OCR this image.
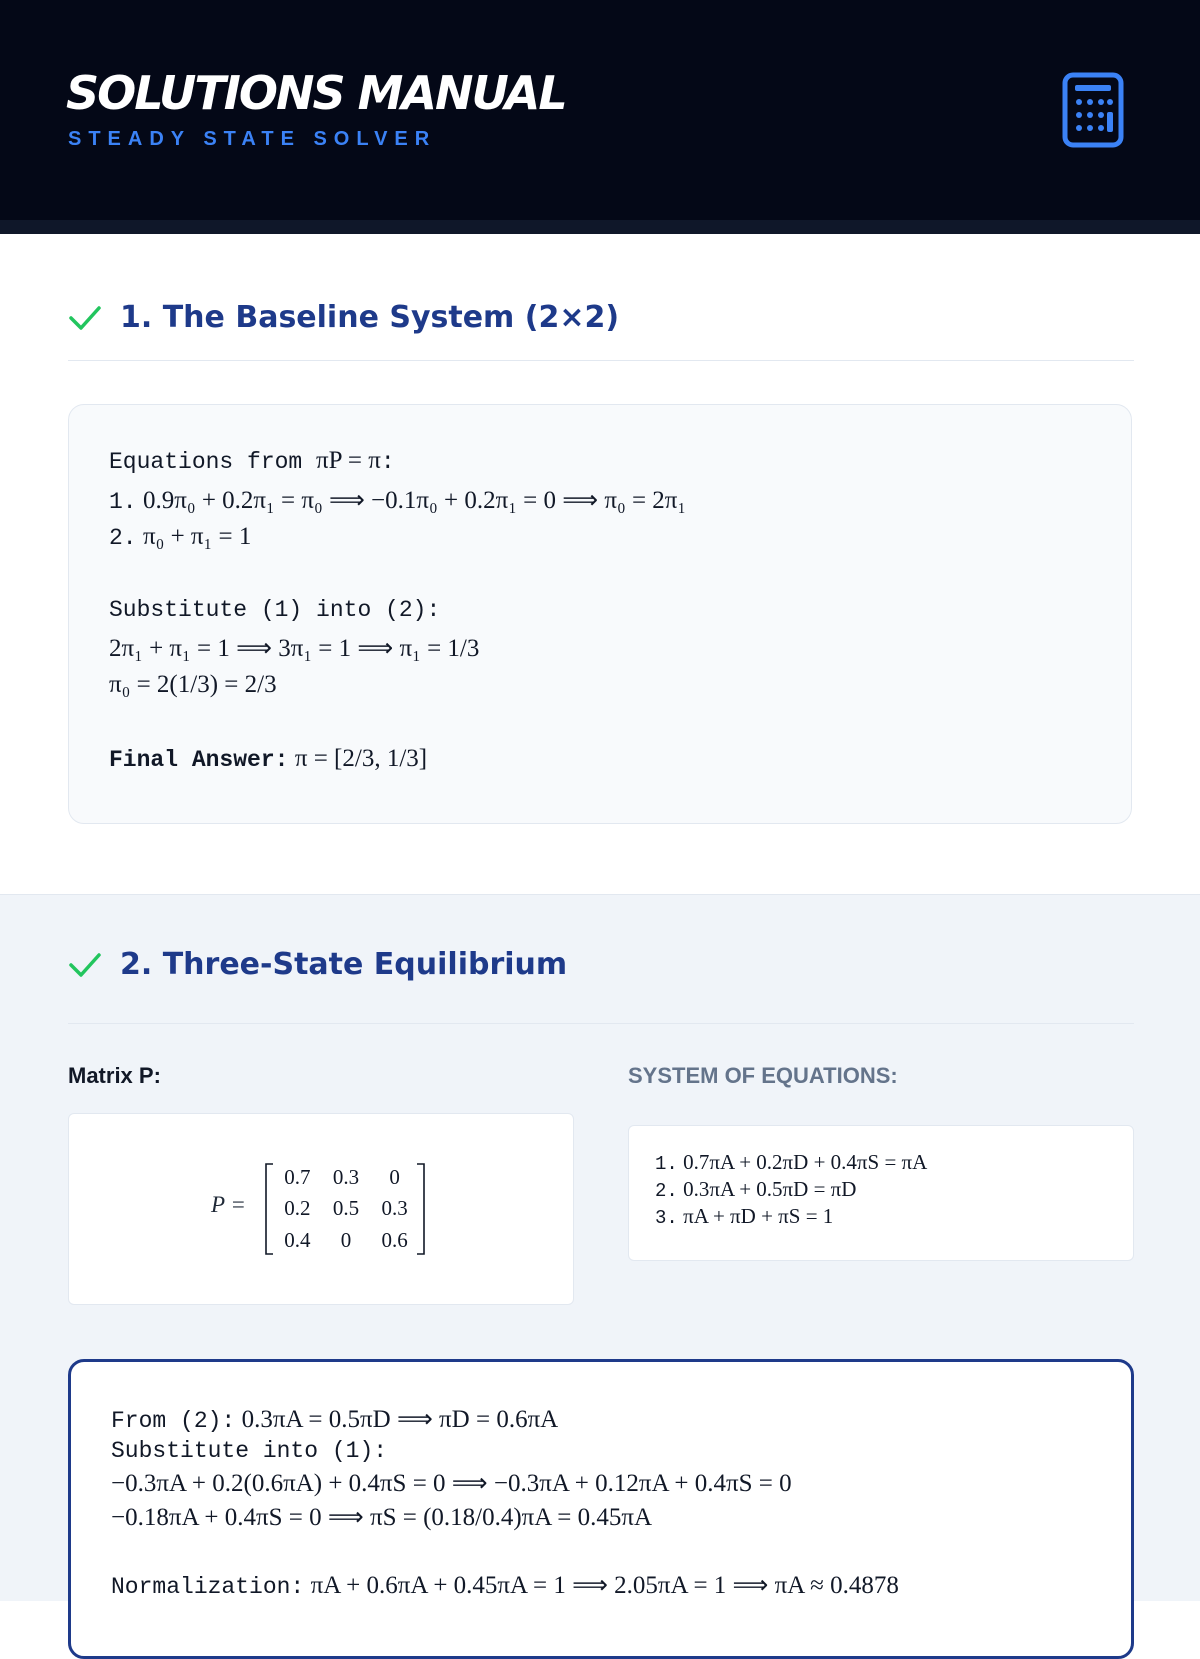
SOLUTIONS MANUAL
STEADY STATE SOLVER
1. The Baseline System (2×2)
Equations from πP = π:
1. 0.9π₀ + 0.2π₁ = π₀ ⟹ −0.1π₀ + 0.2π₁ = 0 ⟹ π₀ = 2π₁
2. π₀ + π₁ = 1
Substitute (1) into (2):
2π₁ + π₁ = 1 ⟹ 3π₁ = 1 ⟹ π₁ = 1/3
π₀ = 2(1/3) = 2/3
Final Answer: π = [2/3, 1/3]
2. Three-State Equilibrium
Matrix P:	SYSTEM OF EQUATIONS:
P =
0.7	0.3	0
0.2	0.5	0.3
0.4	0	0.6
1. 0.7πA + 0.2πD + 0.4πS = πA
2. 0.3πA + 0.5πD = πD
3. πA + πD + πS = 1
From (2): 0.3πA = 0.5πD ⟹ πD = 0.6πA
Substitute into (1):
−0.3πA + 0.2(0.6πA) + 0.4πS = 0 ⟹ −0.3πA + 0.12πA + 0.4πS = 0
−0.18πA + 0.4πS = 0 ⟹ πS = (0.18/0.4)πA = 0.45πA
Normalization: πA + 0.6πA + 0.45πA = 1 ⟹ 2.05πA = 1 ⟹ πA ≈ 0.4878
